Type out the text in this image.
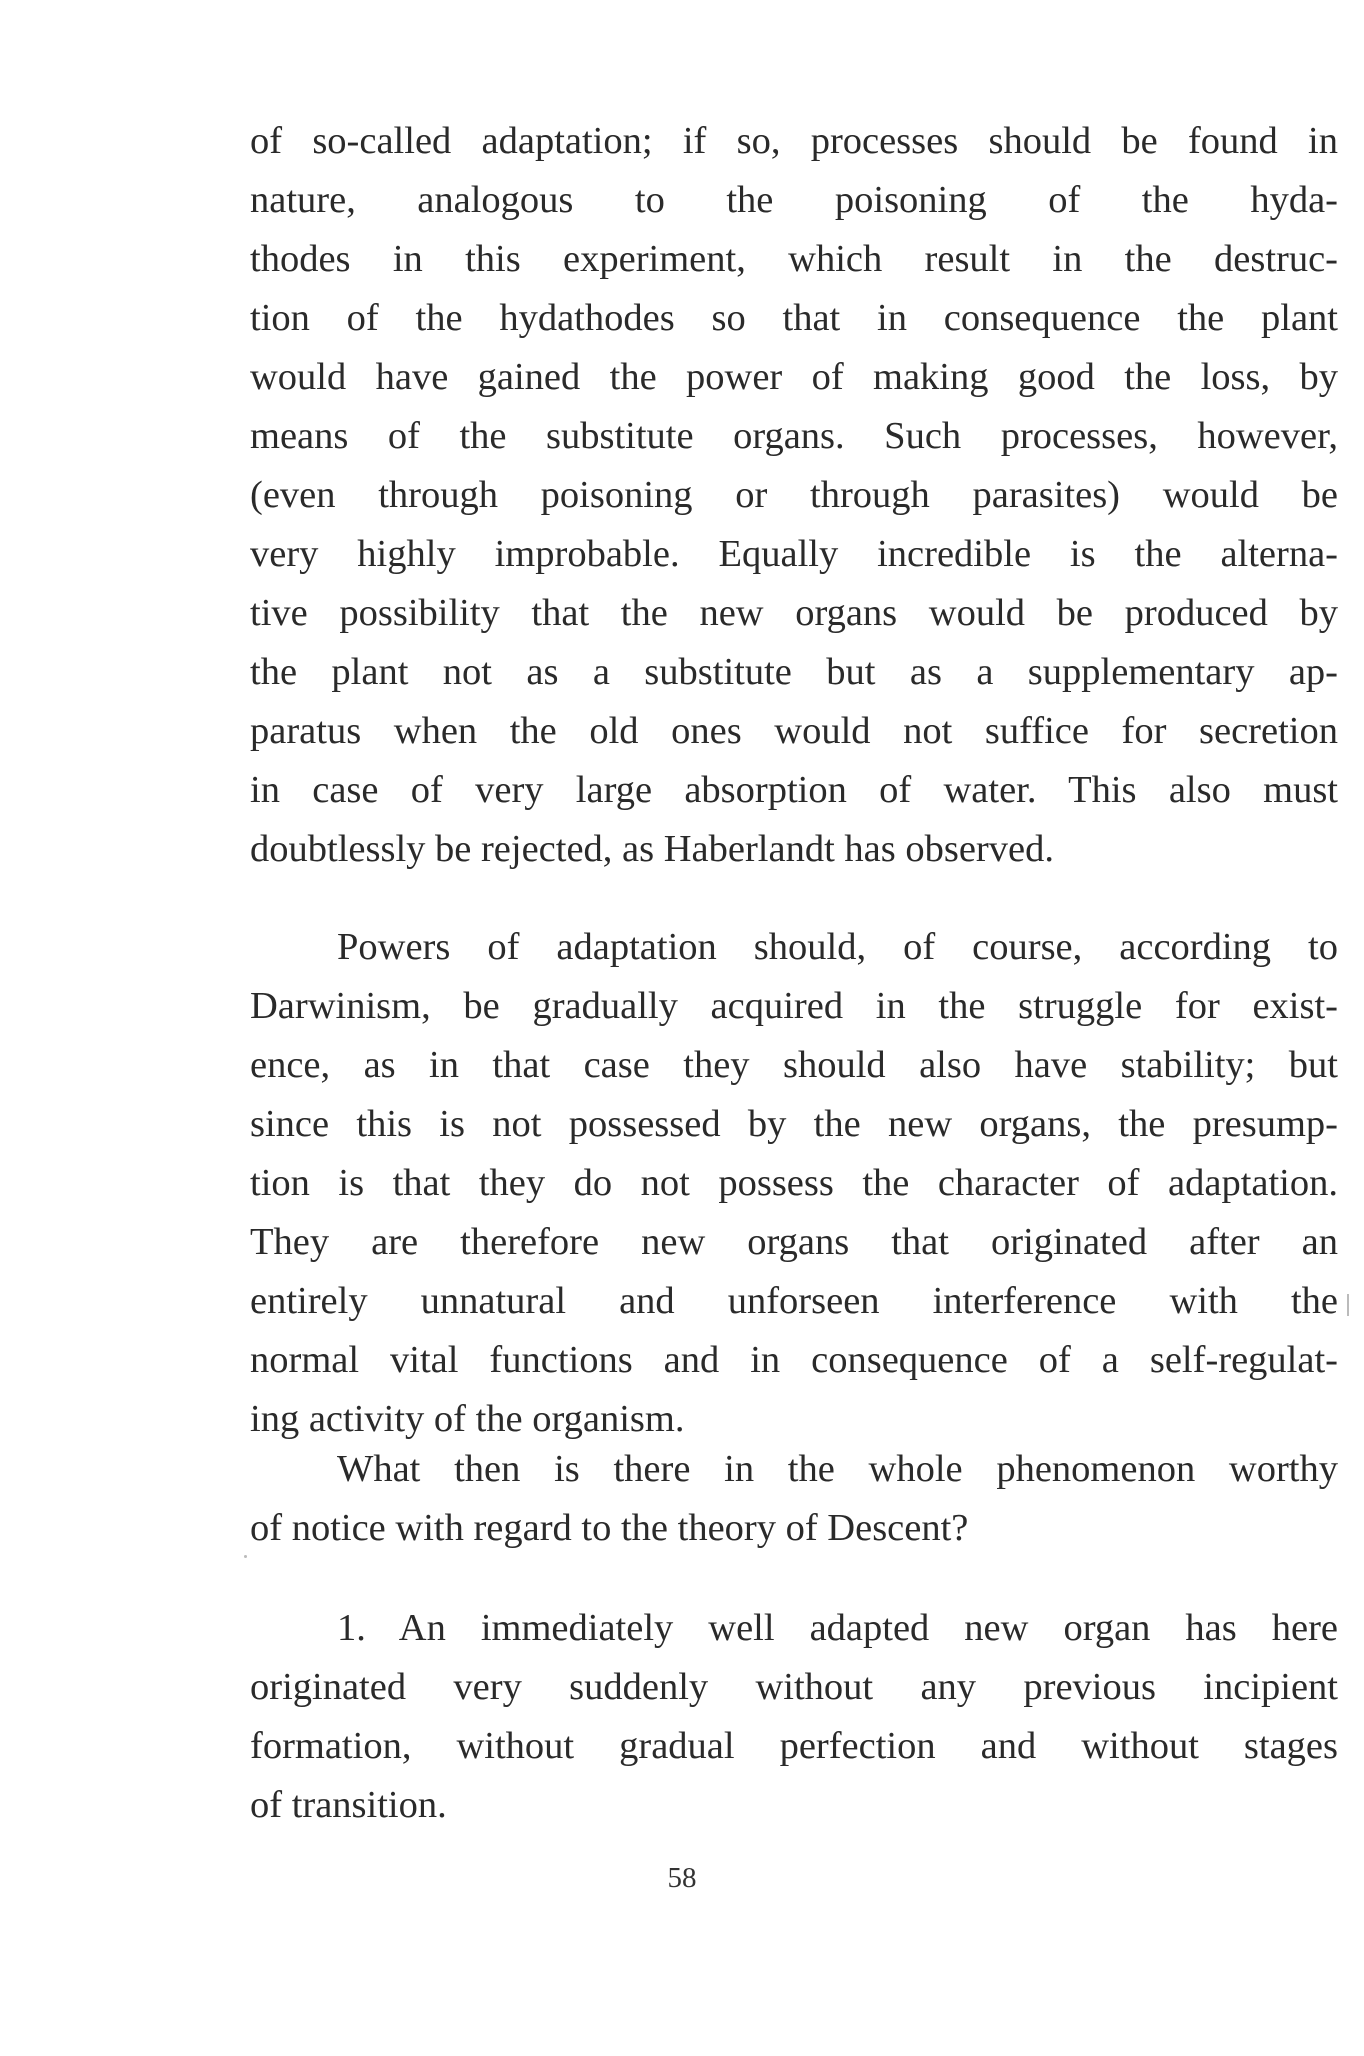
of so-called adaptation; if so, processes should be found in
nature, analogous to the poisoning of the hyda-
thodes in this experiment, which result in the destruc-
tion of the hydathodes so that in consequence the plant
would have gained the power of making good the loss, by
means of the substitute organs. Such processes, however,
(even through poisoning or through parasites) would be
very highly improbable. Equally incredible is the alterna-
tive possibility that the new organs would be produced by
the plant not as a substitute but as a supplementary ap-
paratus when the old ones would not suffice for secretion
in case of very large absorption of water. This also must
doubtlessly be rejected, as Haberlandt has observed.
Powers of adaptation should, of course, according to
Darwinism, be gradually acquired in the struggle for exist-
ence, as in that case they should also have stability; but
since this is not possessed by the new organs, the presump-
tion is that they do not possess the character of adaptation.
They are therefore new organs that originated after an
entirely unnatural and unforseen interference with the
normal vital functions and in consequence of a self-regulat-
ing activity of the organism.
What then is there in the whole phenomenon worthy
of notice with regard to the theory of Descent?
1. An immediately well adapted new organ has here
originated very suddenly without any previous incipient
formation, without gradual perfection and without stages
of transition.
58
